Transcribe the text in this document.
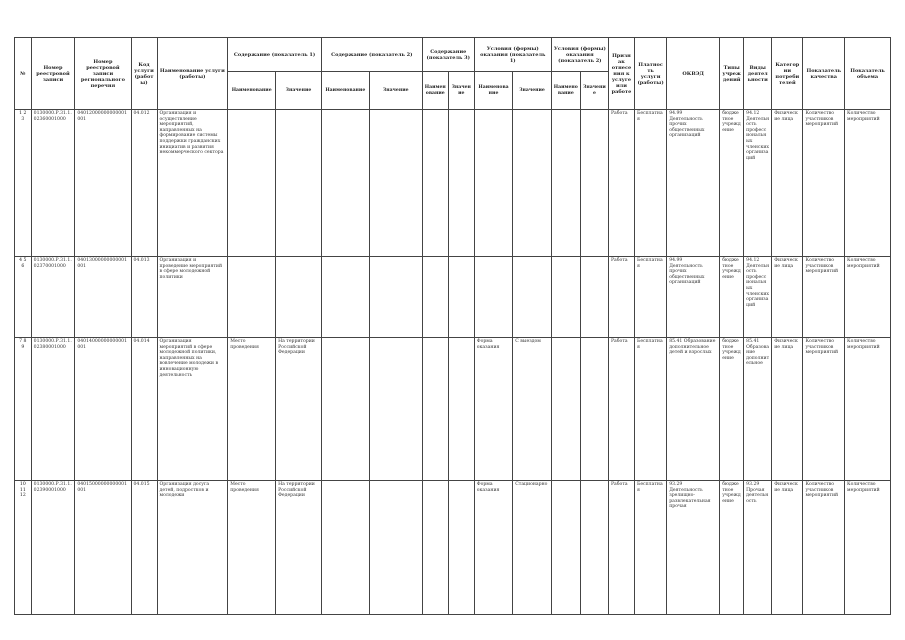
№	Номер реестровой записи	Номер реестровой записи регионального перечня	Код услуги (работы)	Наименование услуги (работы)	Содержание (показатель 1)		Содержание (показатель 2)		Содержание (показатель 3)		Условия (формы) оказания (показатель 1)		Условия (формы) оказания (показатель 2)		Признак отнесения к услуге или работе	Платность услуги (работы)	ОКВЭД	Типы учреждений	Виды деятельности	Категории потребителей	Показатель качества	Показатель объема
					Наименование	Значение	Наименование	Значение	Наименование	Значение	Наименование	Значение	Наименование	Значение								
1 2 3	0130000.Р.31.1.02360001000	04012000000000001001	04.012	Организация и осуществление мероприятий, направленных на формирование системы поддержки гражданских инициатив и развития некоммерческого сектора											Работа	Бесплатная	94.99 Деятельность прочих общественных организаций	бюджетное учреждение	94.12 Деятельность профессиональных членских организаций	Физические лица	Количество участников мероприятий	Количество мероприятий
4 5 6	0130000.Р.31.1.02370001000	04013000000000001001	04.013	Организация и проведение мероприятий в сфере молодежной политики											Работа	Бесплатная	94.99 Деятельность прочих общественных организаций	бюджетное учреждение	94.12 Деятельность профессиональных членских организаций	Физические лица	Количество участников мероприятий	Количество мероприятий
7 8 9	0130000.Р.31.1.02380001000	04014000000000001001	04.014	Организация мероприятий в сфере молодежной политики, направленных на вовлечение молодежи в инновационную деятельность	Место проведения	На территории Российской Федерации					Форма оказания	С выездом			Работа	Бесплатная	85.41 Образование дополнительное детей и взрослых	бюджетное учреждение	85.41 Образование дополнительное	Физические лица	Количество участников мероприятий	Количество мероприятий
10 11 12	0130000.Р.31.1.02390001000	04015000000000001001	04.015	Организация досуга детей, подростков и молодежи	Место проведения	На территории Российской Федерации					Форма оказания	Стационарно			Работа	Бесплатная	93.29 Деятельность зрелищно-развлекательная прочая	бюджетное учреждение	93.29 Прочая деятельность	Физические лица	Количество участников мероприятий	Количество мероприятий
